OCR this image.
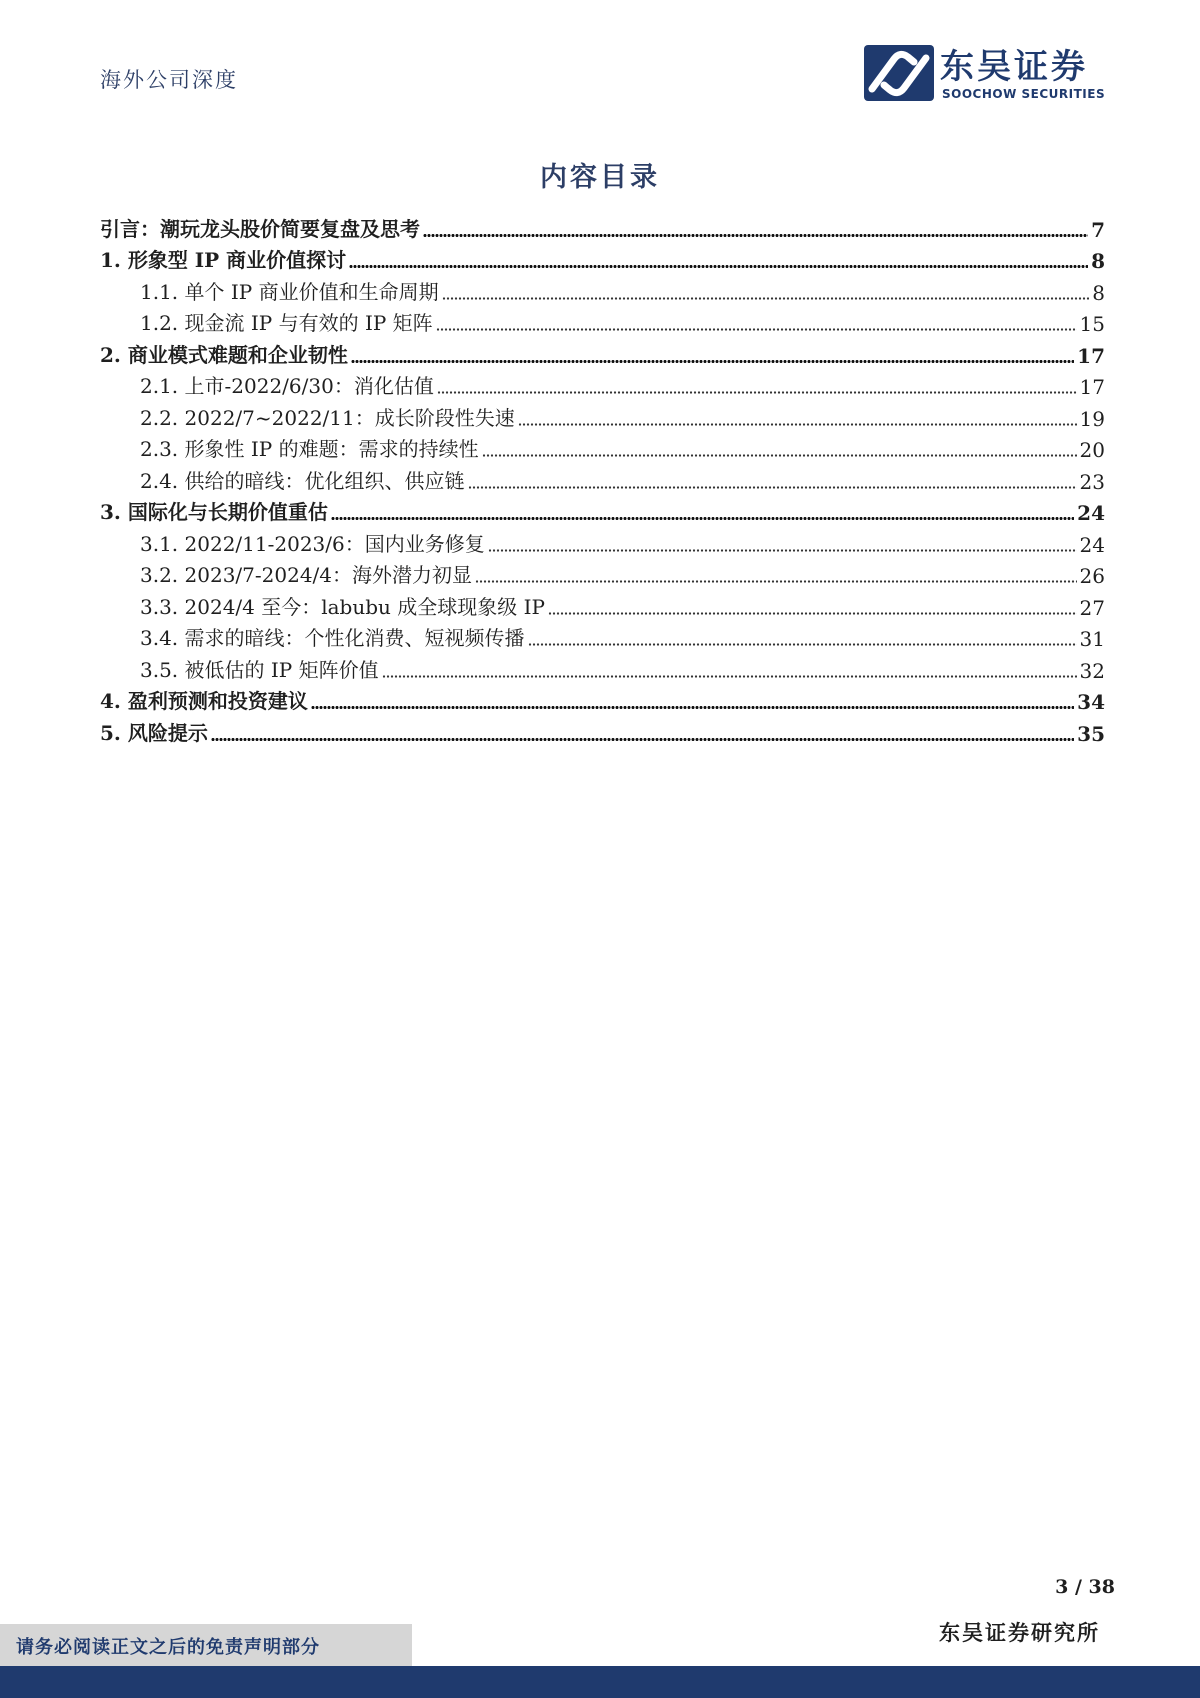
海外公司深度	东吴证券
SOOCHOW SECURITIES
内容目录
引言：潮玩龙头股价简要复盘及思考	7
1. 形象型 IP 商业价值探讨	8
1.1. 单个 IP 商业价值和生命周期	8
1.2. 现金流 IP 与有效的 IP 矩阵	15
2. 商业模式难题和企业韧性	17
2.1. 上市-2022/6/30：消化估值	17
2.2. 2022/7~2022/11：成长阶段性失速	19
2.3. 形象性 IP 的难题：需求的持续性	20
2.4. 供给的暗线：优化组织、供应链	23
3. 国际化与长期价值重估	24
3.1. 2022/11-2023/6：国内业务修复	24
3.2. 2023/7-2024/4：海外潜力初显	26
3.3. 2024/4 至今：labubu 成全球现象级 IP	27
3.4. 需求的暗线：个性化消费、短视频传播	31
3.5. 被低估的 IP 矩阵价值	32
4. 盈利预测和投资建议	34
5. 风险提示	35
3 / 38
东吴证券研究所
请务必阅读正文之后的免责声明部分
